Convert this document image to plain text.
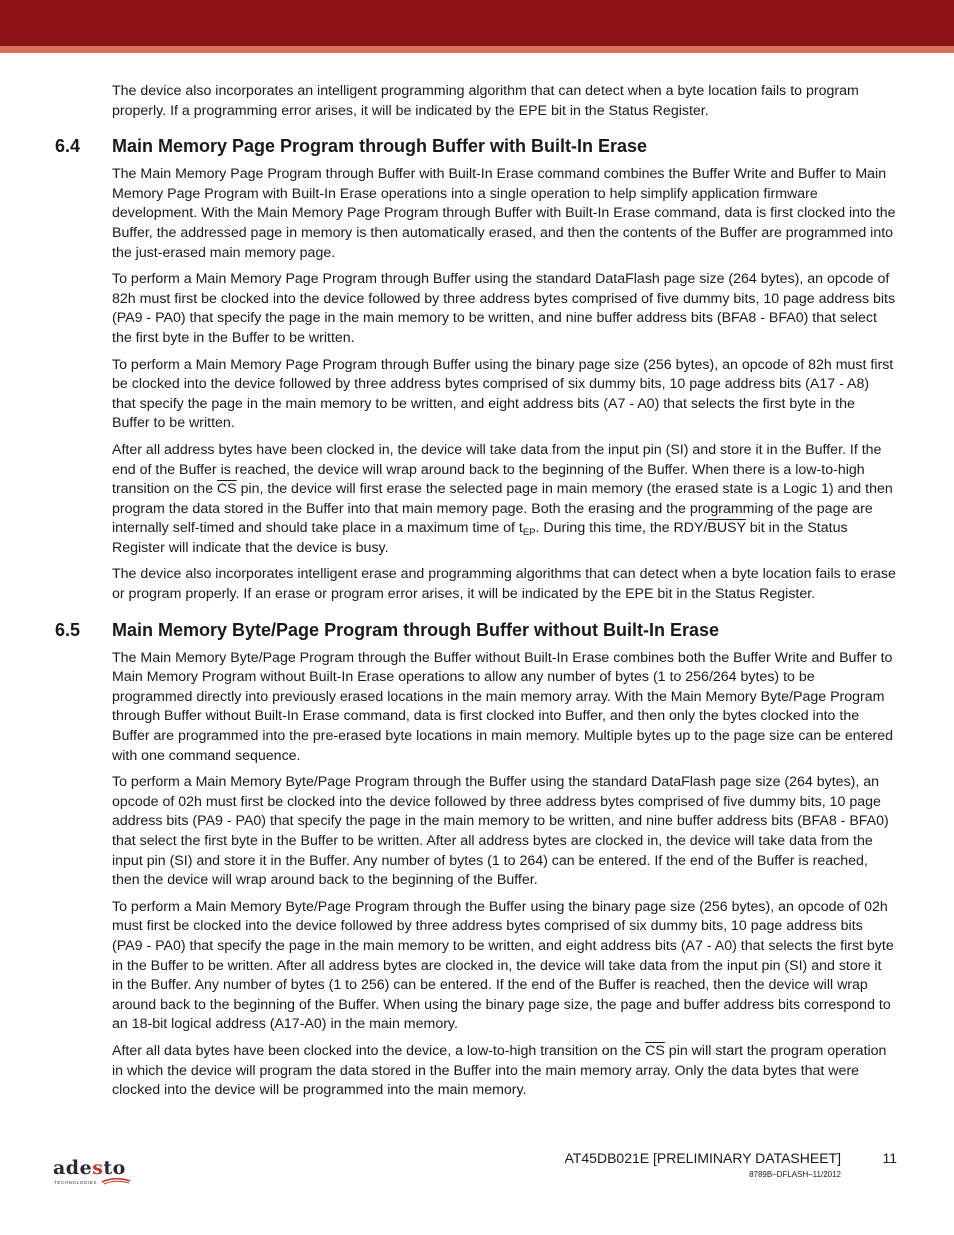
The device also incorporates an intelligent programming algorithm that can detect when a byte location fails to program properly. If a programming error arises, it will be indicated by the EPE bit in the Status Register.

6.4 Main Memory Page Program through Buffer with Built-In Erase

The Main Memory Page Program through Buffer with Built-In Erase command combines the Buffer Write and Buffer to Main Memory Page Program with Built-In Erase operations into a single operation to help simplify application firmware development. With the Main Memory Page Program through Buffer with Built-In Erase command, data is first clocked into the Buffer, the addressed page in memory is then automatically erased, and then the contents of the Buffer are programmed into the just-erased main memory page.

To perform a Main Memory Page Program through Buffer using the standard DataFlash page size (264 bytes), an opcode of 82h must first be clocked into the device followed by three address bytes comprised of five dummy bits, 10 page address bits (PA9 - PA0) that specify the page in the main memory to be written, and nine buffer address bits (BFA8 - BFA0) that select the first byte in the Buffer to be written.

To perform a Main Memory Page Program through Buffer using the binary page size (256 bytes), an opcode of 82h must first be clocked into the device followed by three address bytes comprised of six dummy bits, 10 page address bits (A17 - A8) that specify the page in the main memory to be written, and eight address bits (A7 - A0) that selects the first byte in the Buffer to be written.

After all address bytes have been clocked in, the device will take data from the input pin (SI) and store it in the Buffer. If the end of the Buffer is reached, the device will wrap around back to the beginning of the Buffer. When there is a low-to-high transition on the $\overline{CS}$ pin, the device will first erase the selected page in main memory (the erased state is a Logic 1) and then program the data stored in the Buffer into that main memory page. Both the erasing and the programming of the page are internally self-timed and should take place in a maximum time of $t_{EP}$. During this time, the RDY/BUSY bit in the Status Register will indicate that the device is busy.

The device also incorporates intelligent erase and programming algorithms that can detect when a byte location fails to erase or program properly. If an erase or program error arises, it will be indicated by the EPE bit in the Status Register.

6.5 Main Memory Byte/Page Program through Buffer without Built-In Erase

The Main Memory Byte/Page Program through the Buffer without Built-In Erase combines both the Buffer Write and Buffer to Main Memory Program without Built-In Erase operations to allow any number of bytes (1 to 256/264 bytes) to be programmed directly into previously erased locations in the main memory array. With the Main Memory Byte/Page Program through Buffer without Built-In Erase command, data is first clocked into Buffer, and then only the bytes clocked into the Buffer are programmed into the pre-erased byte locations in main memory. Multiple bytes up to the page size can be entered with one command sequence.

To perform a Main Memory Byte/Page Program through the Buffer using the standard DataFlash page size (264 bytes), an opcode of 02h must first be clocked into the device followed by three address bytes comprised of five dummy bits, 10 page address bits (PA9 - PA0) that specify the page in the main memory to be written, and nine buffer address bits (BFA8 - BFA0) that select the first byte in the Buffer to be written. After all address bytes are clocked in, the device will take data from the input pin (SI) and store it in the Buffer. Any number of bytes (1 to 264) can be entered. If the end of the Buffer is reached, then the device will wrap around back to the beginning of the Buffer.

To perform a Main Memory Byte/Page Program through the Buffer using the binary page size (256 bytes), an opcode of 02h must first be clocked into the device followed by three address bytes comprised of six dummy bits, 10 page address bits (PA9 - PA0) that specify the page in the main memory to be written, and eight address bits (A7 - A0) that selects the first byte in the Buffer to be written. After all address bytes are clocked in, the device will take data from the input pin (SI) and store it in the Buffer. Any number of bytes (1 to 256) can be entered. If the end of the Buffer is reached, then the device will wrap around back to the beginning of the Buffer. When using the binary page size, the page and buffer address bits correspond to an 18-bit logical address (A17-A0) in the main memory.

After all data bytes have been clocked into the device, a low-to-high transition on the $\overline{CS}$ pin will start the program operation in which the device will program the data stored in the Buffer into the main memory array. Only the data bytes that were clocked into the device will be programmed into the main memory.

adesto
TECHNOLOGIES
AT45DB021E [PRELIMINARY DATASHEET]	11
8789B–DFLASH–11/2012
